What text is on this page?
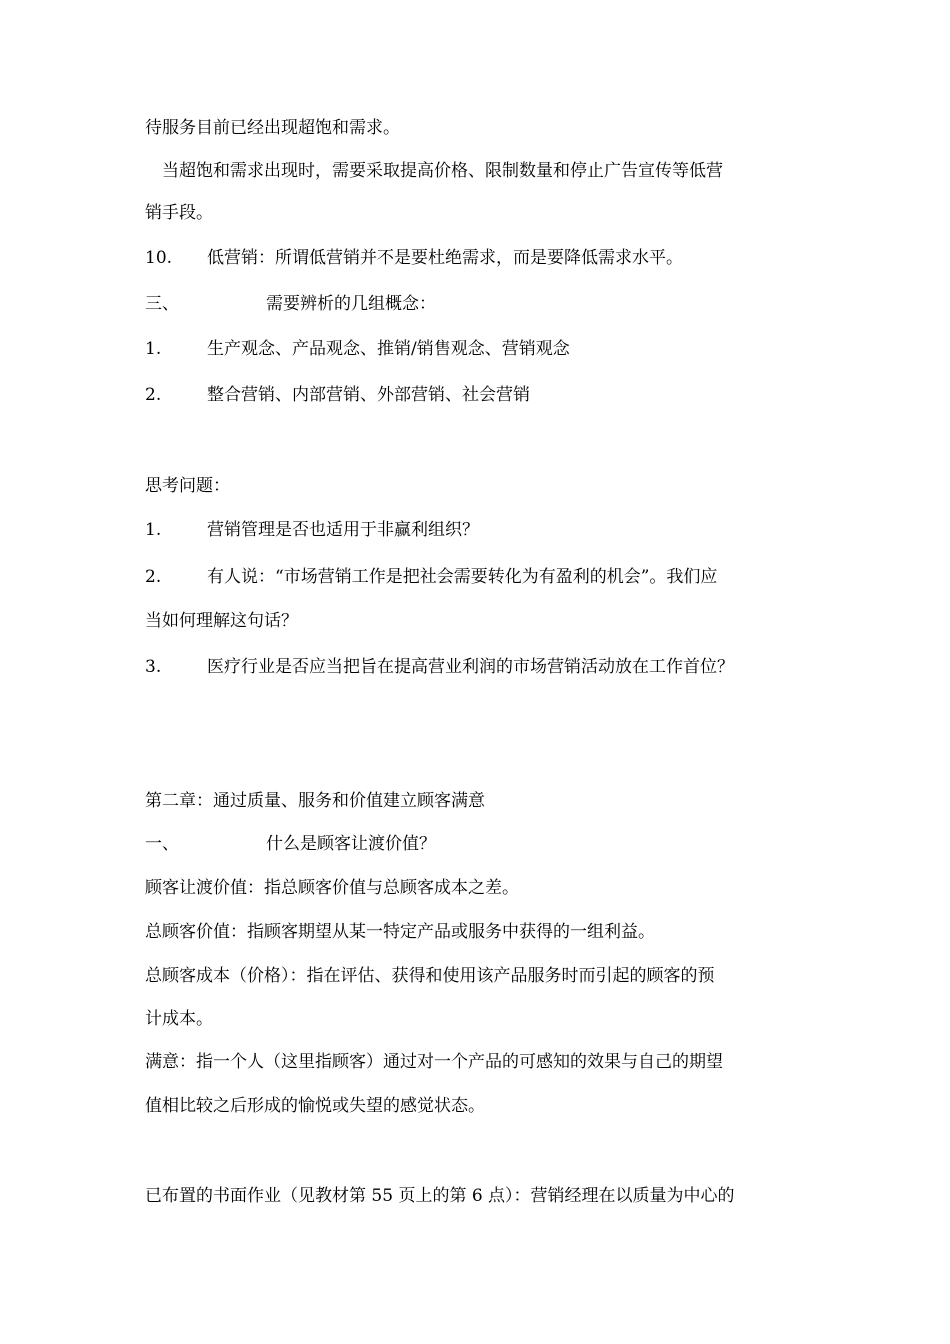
待服务目前已经出现超饱和需求。
当超饱和需求出现时，需要采取提高价格、限制数量和停止广告宣传等低营
销手段。
10. 低营销：所谓低营销并不是要杜绝需求，而是要降低需求水平。
三、	需要辨析的几组概念：
1.	生产观念、产品观念、推销/销售观念、营销观念
2.	整合营销、内部营销、外部营销、社会营销
思考问题：
1.	营销管理是否也适用于非赢利组织？
2.	有人说：“市场营销工作是把社会需要转化为有盈利的机会”。我们应
当如何理解这句话？
3.	医疗行业是否应当把旨在提高营业利润的市场营销活动放在工作首位？
第二章：通过质量、服务和价值建立顾客满意
一、	什么是顾客让渡价值？
顾客让渡价值：指总顾客价值与总顾客成本之差。
总顾客价值：指顾客期望从某一特定产品或服务中获得的一组利益。
总顾客成本（价格）：指在评估、获得和使用该产品服务时而引起的顾客的预
计成本。
满意：指一个人（这里指顾客）通过对一个产品的可感知的效果与自己的期望
值相比较之后形成的愉悦或失望的感觉状态。
已布置的书面作业（见教材第 55 页上的第 6 点）：营销经理在以质量为中心的
